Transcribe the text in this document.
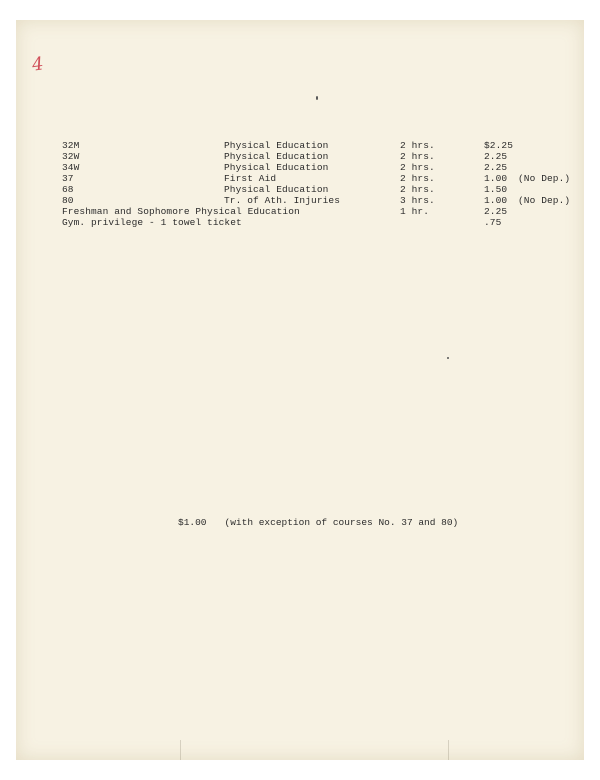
4
32M	Physical Education	2 hrs.	$2.25
32W	Physical Education	2 hrs.	2.25
34W	Physical Education	2 hrs.	2.25
37	First Aid	2 hrs.	1.00 (No Dep.)
68	Physical Education	2 hrs.	1.50
80	Tr. of Ath. Injuries	3 hrs.	1.00 (No Dep.)
Freshman and Sophomore Physical Education	1 hr.	2.25
Gym. privilege - 1 towel ticket	.75
$1.00 (with exception of courses No. 37 and 80)
